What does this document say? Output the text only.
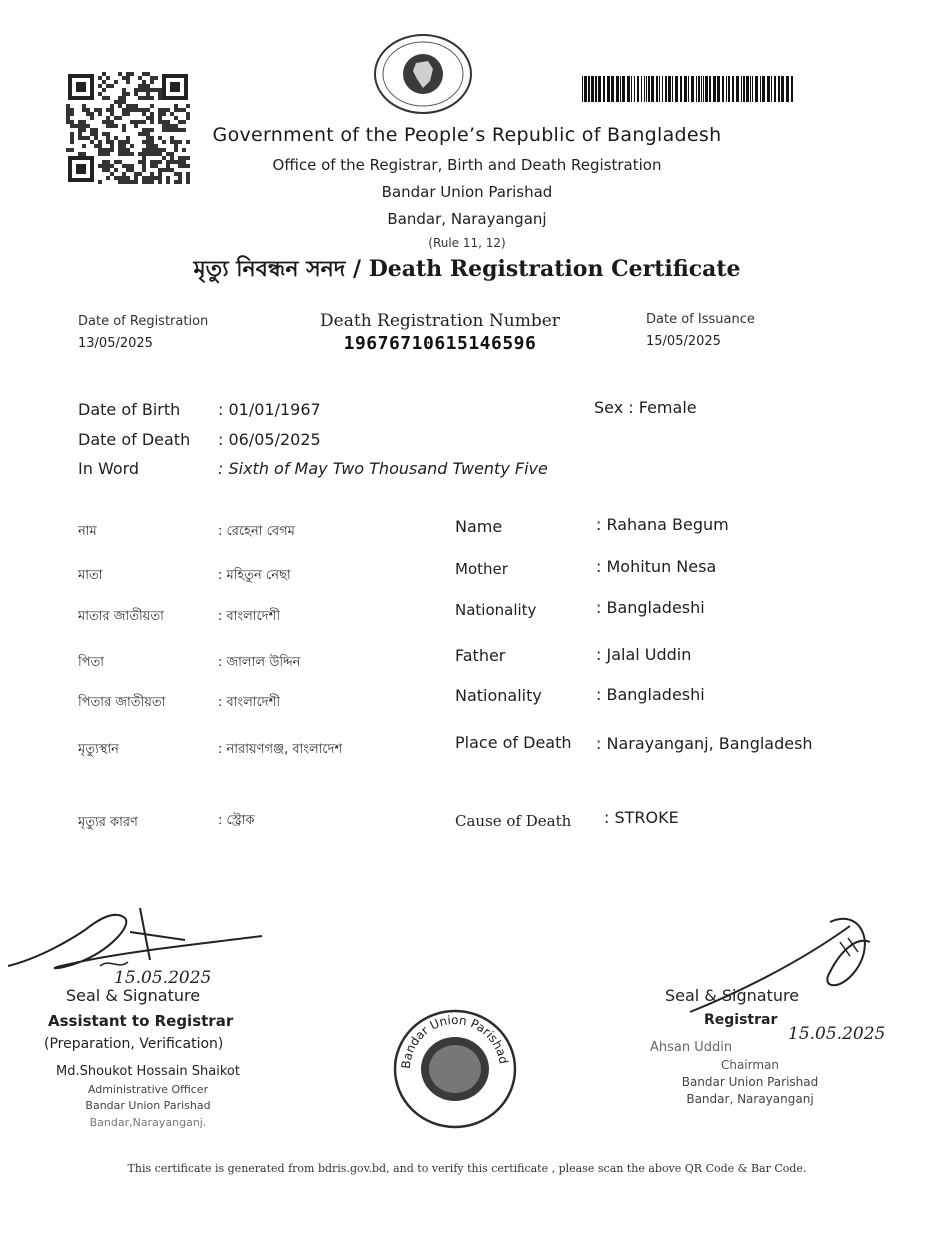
Government of the People’s Republic of Bangladesh
Office of the Registrar, Birth and Death Registration
Bandar Union Parishad
Bandar, Narayanganj
(Rule 11, 12)
মৃত্যু নিবন্ধন সনদ / Death Registration Certificate
Date of Registration
13/05/2025
Death Registration Number
19676710615146596
Date of Issuance
15/05/2025
Date of Birth : 01/01/1967	Sex : Female
Date of Death : 06/05/2025
In Word	: Sixth of May Two Thousand Twenty Five
নাম	: রেহেনা বেগম	Name	: Rahana Begum
মাতা	: মহিতুন নেছা	Mother	: Mohitun Nesa
মাতার জাতীয়তা	: বাংলাদেশী	Nationality	: Bangladeshi
পিতা	: জালাল উদ্দিন	Father	: Jalal Uddin
পিতার জাতীয়তা	: বাংলাদেশী	Nationality	: Bangladeshi
মৃত্যুস্থান	: নারায়ণগঞ্জ, বাংলাদেশ	Place of Death : Narayanganj, Bangladesh
মৃত্যুর কারণ	: স্ট্রোক	Cause of Death : STROKE
15.05.2025
Seal & Signature
Assistant to Registrar
(Preparation, Verification)
Md.Shoukot Hossain Shaikot
Administrative Officer
Bandar Union Parishad
Bandar,Narayanganj.
Bandar Union Parishad
Seal & Signature
Registrar
15.05.2025
Ahsan Uddin
Chairman
Bandar Union Parishad
Bandar, Narayanganj
This certificate is generated from bdris.gov.bd, and to verify this certificate , please scan the above QR Code & Bar Code.
